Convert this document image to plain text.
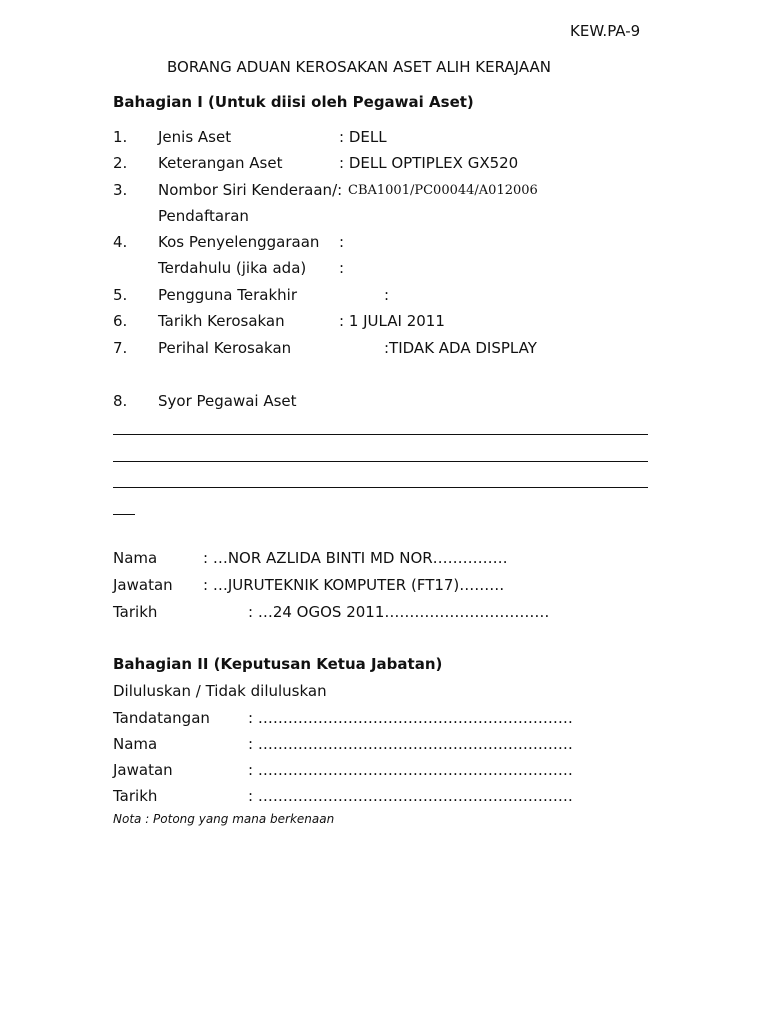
KEW.PA-9
BORANG ADUAN KEROSAKAN ASET ALIH KERAJAAN
Bahagian I (Untuk diisi oleh Pegawai Aset)
1. Jenis Aset	: DELL
2. Keterangan Aset	: DELL OPTIPLEX GX520
3. Nombor Siri Kenderaan/: CBA1001/PC00044/A012006
Pendaftaran
4. Kos Penyelenggaraan :
Terdahulu (jika ada) :
5. Pengguna Terakhir	:
6. Tarikh Kerosakan	: 1 JULAI 2011
7. Perihal Kerosakan	:TIDAK ADA DISPLAY
8. Syor Pegawai Aset
Nama	: …NOR AZLIDA BINTI MD NOR……………
Jawatan : …JURUTEKNIK KOMPUTER (FT17)………
Tarikh	: …24 OGOS 2011……………………………
Bahagian II (Keputusan Ketua Jabatan)
Diluluskan / Tidak diluluskan
Tandatangan	: ………………………………………………………
Nama	: ………………………………………………………
Jawatan	: ………………………………………………………
Tarikh	: ………………………………………………………
Nota : Potong yang mana berkenaan
